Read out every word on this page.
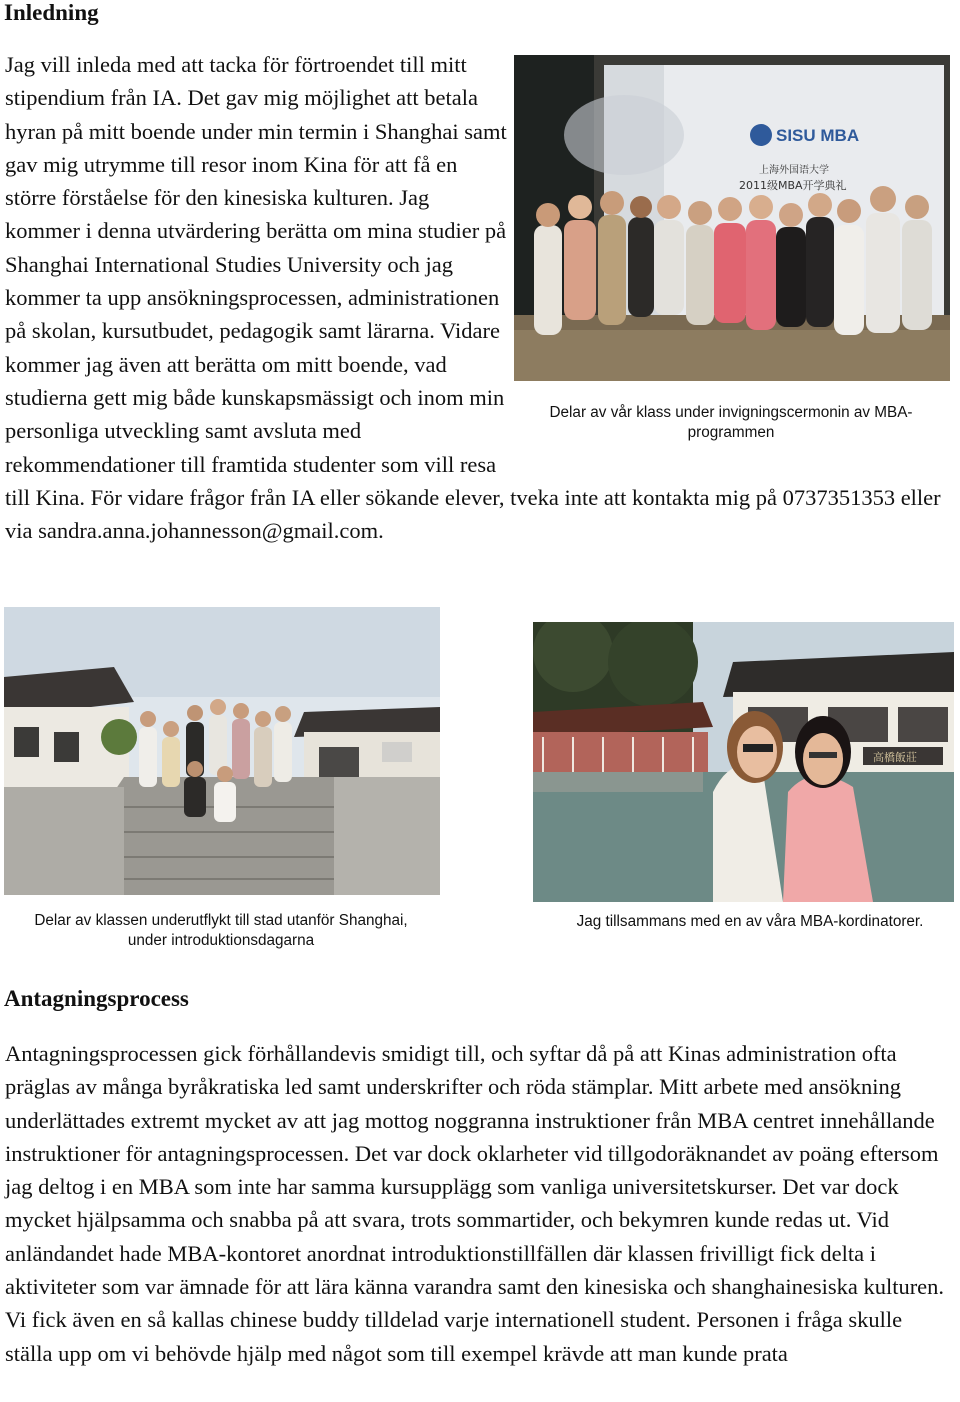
Inledning

Jag vill inleda med att tacka för förtroendet till mitt stipendium från IA. Det gav mig möjlighet att betala hyran på mitt boende under min termin i Shanghai samt gav mig utrymme till resor inom Kina för att få en större förståelse för den kinesiska kulturen. Jag kommer i denna utvärdering berätta om mina studier på Shanghai International Studies University och jag kommer ta upp ansökningsprocessen, administrationen på skolan, kursutbudet, pedagogik samt lärarna. Vidare kommer jag även att berätta om mitt boende, vad studierna gett mig både kunskapsmässigt och inom min personliga utveckling samt avsluta med rekommendationer till framtida studenter som vill resa till Kina. För vidare frågor från IA eller sökande elever, tveka inte att kontakta mig på 0737351353 eller via sandra.anna.johannesson@gmail.com.

SISU MBA
上海外国语大学
2011级MBA开学典礼

Delar av vår klass under invigningscermonin av MBA-programmen

Delar av klassen underutflykt till stad utanför Shanghai, under introduktionsdagarna

高橋飯莊

Jag tillsammans med en av våra MBA-kordinatorer.

Antagningsprocess

Antagningsprocessen gick förhållandevis smidigt till, och syftar då på att Kinas administration ofta präglas av många byråkratiska led samt underskrifter och röda stämplar. Mitt arbete med ansökning underlättades extremt mycket av att jag mottog noggranna instruktioner från MBA centret innehållande instruktioner för antagningsprocessen. Det var dock oklarheter vid tillgodoräknandet av poäng eftersom jag deltog i en MBA som inte har samma kursupplägg som vanliga universitetskurser. Det var dock mycket hjälpsamma och snabba på att svara, trots sommartider, och bekymren kunde redas ut. Vid anländandet hade MBA-kontoret anordnat introduktionstillfällen där klassen frivilligt fick delta i aktiviteter som var ämnade för att lära känna varandra samt den kinesiska och shanghainesiska kulturen. Vi fick även en så kallas chinese buddy tilldelad varje internationell student. Personen i fråga skulle ställa upp om vi behövde hjälp med något som till exempel krävde att man kunde prata
